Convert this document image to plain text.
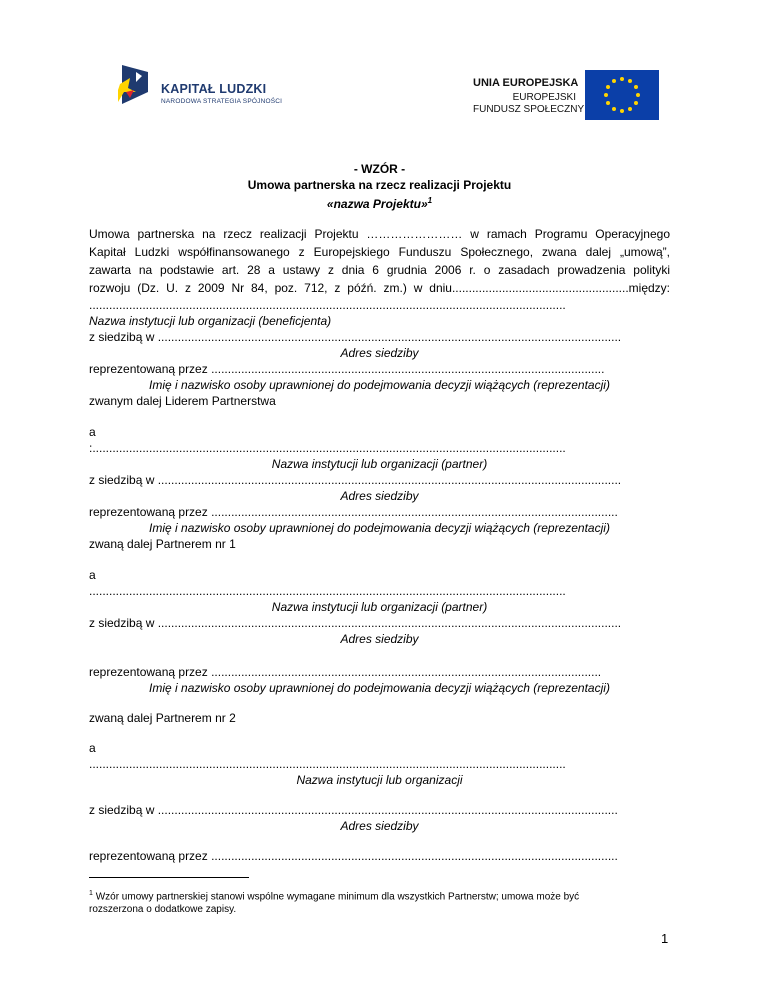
KAPITAŁ LUDZKI
NARODOWA STRATEGIA SPÓJNOŚCI
UNIA EUROPEJSKA
EUROPEJSKI
FUNDUSZ SPOŁECZNY
- WZÓR -
Umowa partnerska na rzecz realizacji Projektu
«nazwa Projektu»$^1$
Umowa partnerska na rzecz realizacji Projektu …………………… w ramach Programu Operacyjnego
Kapitał Ludzki współfinansowanego z Europejskiego Funduszu Społecznego, zwana dalej „umową”,
zawarta na podstawie art. 28 a ustawy z dnia 6 grudnia 2006 r. o zasadach prowadzenia polityki
rozwoju (Dz. U. z 2009 Nr 84, poz. 712, z późń. zm.) w dniu.....................................................między:
...............................................................................................................................................
Nazwa instytucji lub organizacji (beneficjenta)
z siedzibą w ...........................................................................................................................................
Adres siedziby
reprezentowaną przez ......................................................................................................................
Imię i nazwisko osoby uprawnionej do podejmowania decyzji wiążących (reprezentacji)
zwanym dalej Liderem Partnerstwa
a
:..............................................................................................................................................
Nazwa instytucji lub organizacji (partner)
z siedzibą w ...........................................................................................................................................
Adres siedziby
reprezentowaną przez ..........................................................................................................................
Imię i nazwisko osoby uprawnionej do podejmowania decyzji wiążących (reprezentacji)
zwaną dalej Partnerem nr 1
a
...............................................................................................................................................
Nazwa instytucji lub organizacji (partner)
z siedzibą w ...........................................................................................................................................
Adres siedziby
reprezentowaną przez .....................................................................................................................
Imię i nazwisko osoby uprawnionej do podejmowania decyzji wiążących (reprezentacji)
zwaną dalej Partnerem nr 2
a
...............................................................................................................................................
Nazwa instytucji lub organizacji
z siedzibą w ..........................................................................................................................................
Adres siedziby
reprezentowaną przez ..........................................................................................................................
$^1$ Wzór umowy partnerskiej stanowi wspólne wymagane minimum dla wszystkich Partnerstw; umowa może być
rozszerzona o dodatkowe zapisy.
1
